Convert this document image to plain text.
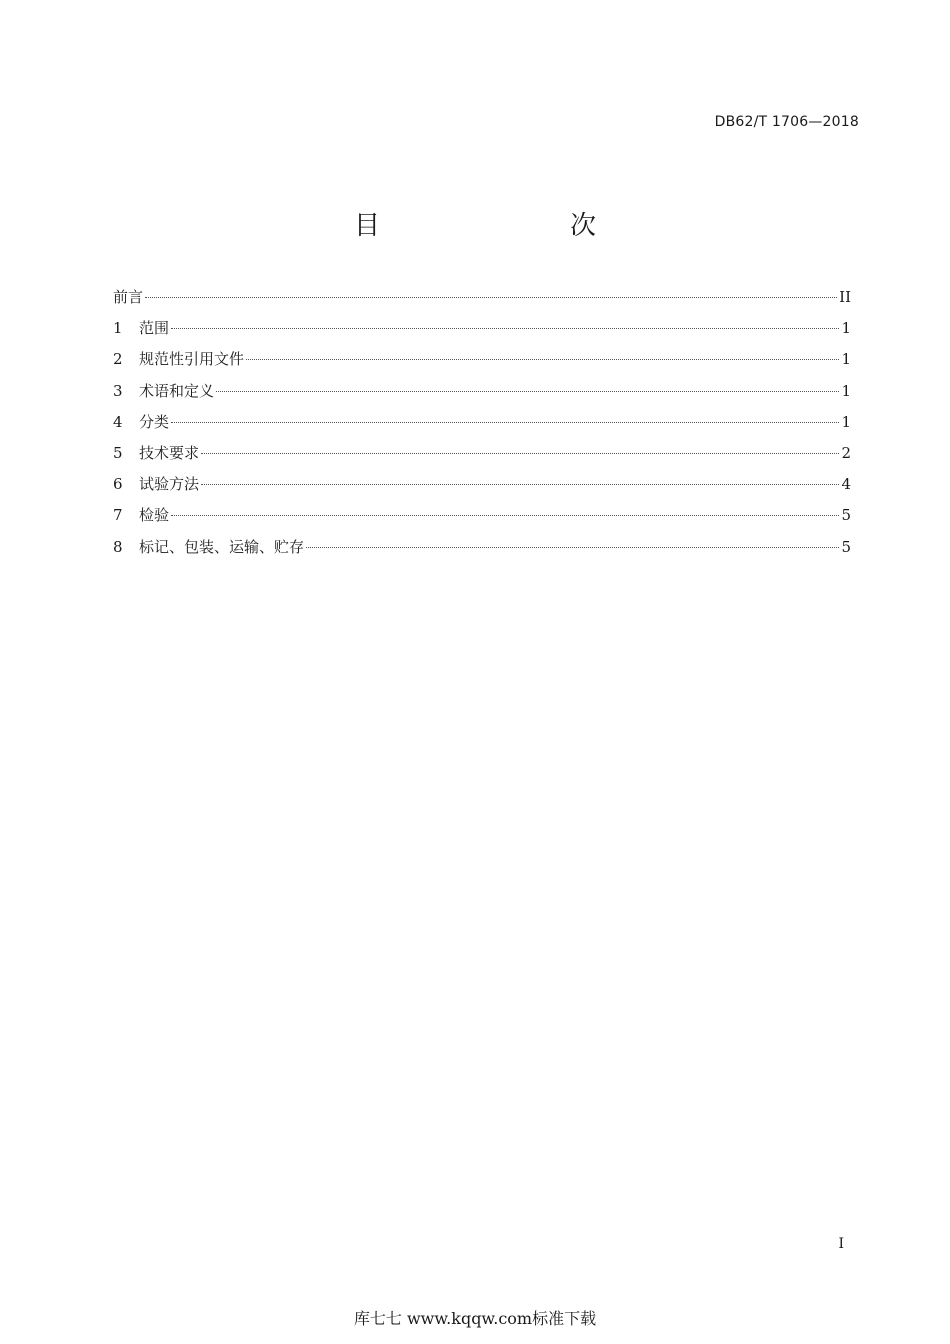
DB62/T 1706—2018
目　　次
前言	II
1	范围	1
2	规范性引用文件	1
3	术语和定义	1
4	分类	1
5	技术要求	2
6	试验方法	4
7	检验	5
8	标记、包装、运输、贮存	5
I
库七七 www.kqqw.com标准下载
